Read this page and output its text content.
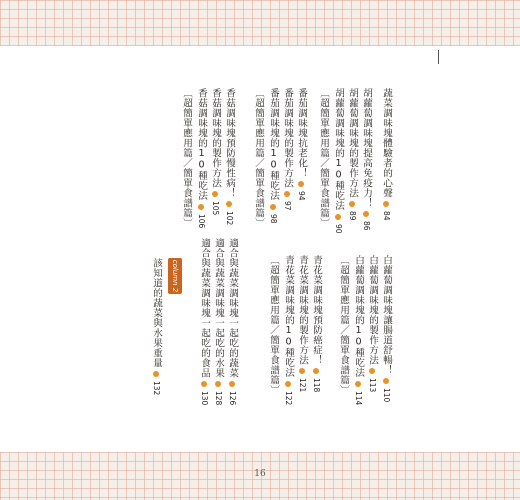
蔬菜調味塊體驗者的心聲84
胡蘿蔔調味塊提高免疫力！86
胡蘿蔔調味塊的製作方法89
胡蘿蔔調味塊的10種吃法90
〔超簡單應用篇／簡單食譜篇〕
番茄調味塊抗老化！94
番茄調味塊的製作方法97
番茄調味塊的10種吃法98
〔超簡單應用篇／簡單食譜篇〕
香菇調味塊預防慢性病！102
香菇調味塊的製作方法105
香菇調味塊的10種吃法106
〔超簡單應用篇／簡單食譜篇〕
白蘿蔔調味塊讓腸道舒暢！110
白蘿蔔調味塊的製作方法113
白蘿蔔調味塊的10種吃法114
〔超簡單應用篇／簡單食譜篇〕
青花菜調味塊預防癌症！118
青花菜調味塊的製作方法121
青花菜調味塊的10種吃法122
〔超簡單應用篇／簡單食譜篇〕
適合與蔬菜調味塊一起吃的蔬菜126
適合與蔬菜調味塊一起吃的水果128
適合與蔬菜調味塊一起吃的食品130
column 2
該知道的蔬菜與水果重量132
16
